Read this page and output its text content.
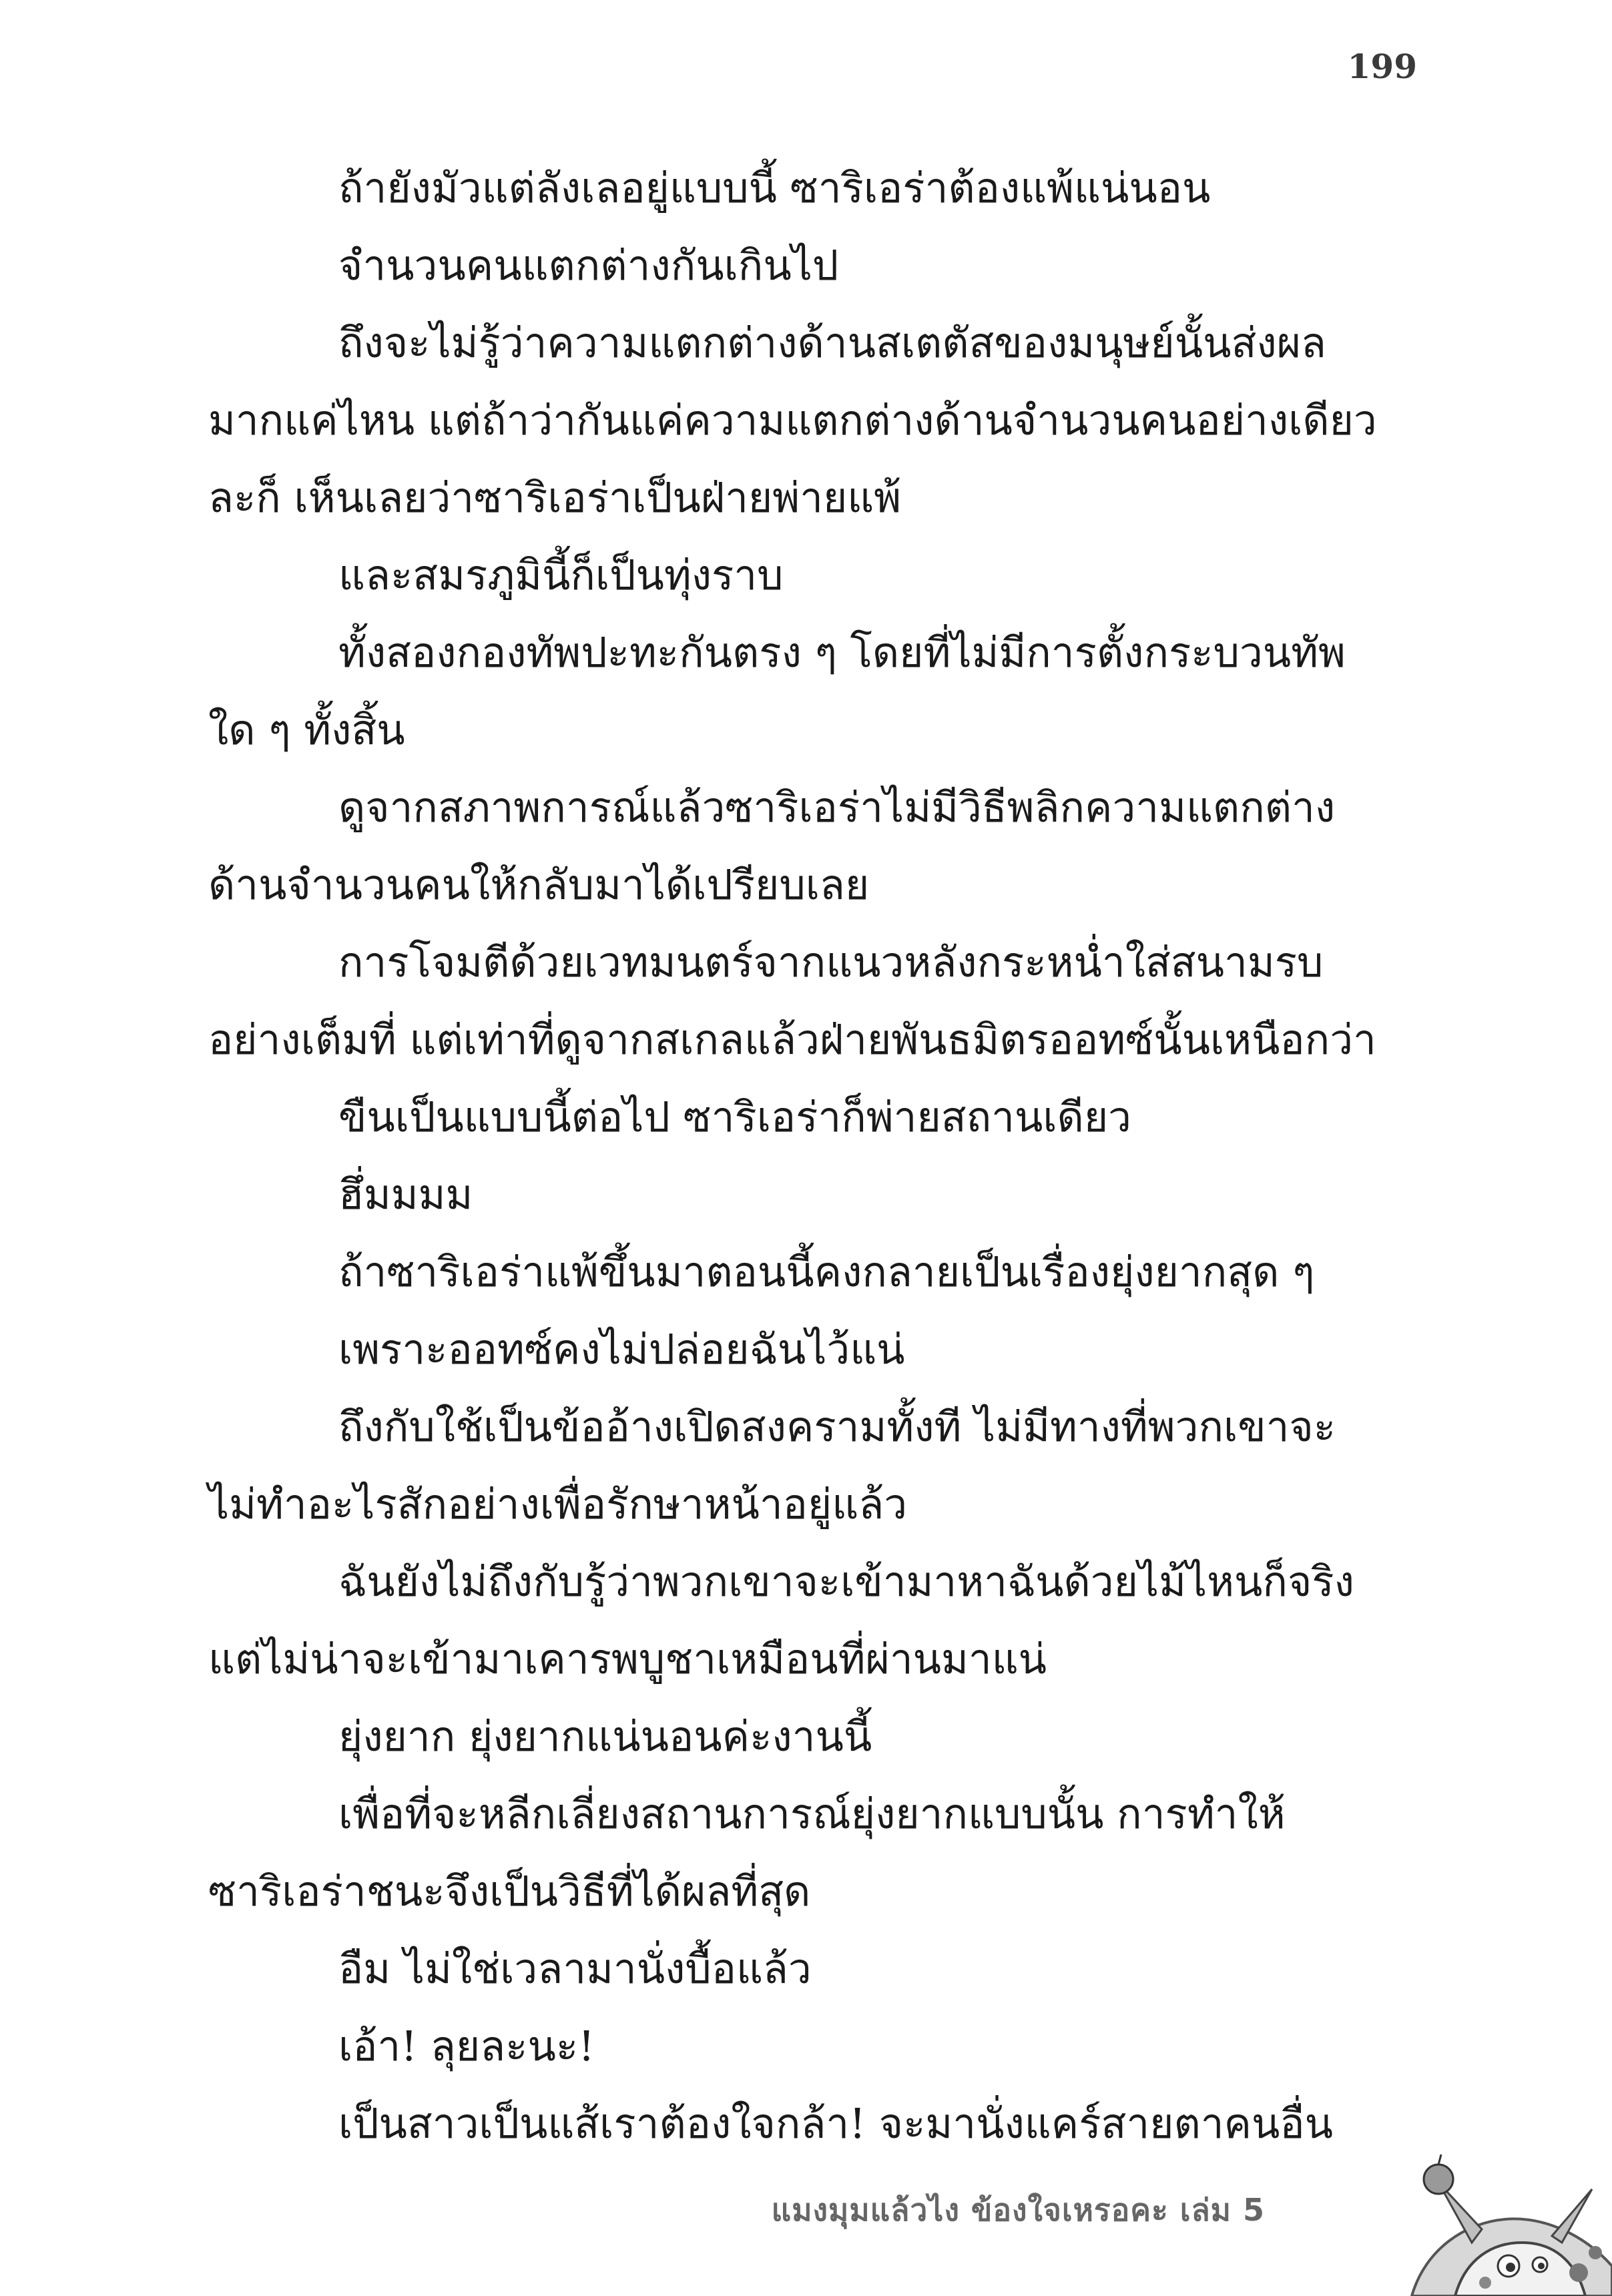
199

ถ้ายังมัวแต่ลังเลอยู่แบบนี้ ซาริเอร่าต้องแพ้แน่นอน

จำนวนคนแตกต่างกันเกินไป

ถึงจะไม่รู้ว่าความแตกต่างด้านสเตตัสของมนุษย์นั้นส่งผล

มากแค่ไหน แต่ถ้าว่ากันแค่ความแตกต่างด้านจำนวนคนอย่างเดียว

ละก็ เห็นเลยว่าซาริเอร่าเป็นฝ่ายพ่ายแพ้

และสมรภูมินี้ก็เป็นทุ่งราบ

ทั้งสองกองทัพปะทะกันตรง ๆ โดยที่ไม่มีการตั้งกระบวนทัพ

ใด ๆ ทั้งสิ้น

ดูจากสภาพการณ์แล้วซาริเอร่าไม่มีวิธีพลิกความแตกต่าง

ด้านจำนวนคนให้กลับมาได้เปรียบเลย

การโจมตีด้วยเวทมนตร์จากแนวหลังกระหน่ำใส่สนามรบ

อย่างเต็มที่ แต่เท่าที่ดูจากสเกลแล้วฝ่ายพันธมิตรออทซ์นั้นเหนือกว่า

ขืนเป็นแบบนี้ต่อไป ซาริเอร่าก็พ่ายสถานเดียว

ฮึ่มมมม

ถ้าซาริเอร่าแพ้ขึ้นมาตอนนี้คงกลายเป็นเรื่องยุ่งยากสุด ๆ

เพราะออทซ์คงไม่ปล่อยฉันไว้แน่

ถึงกับใช้เป็นข้ออ้างเปิดสงครามทั้งที ไม่มีทางที่พวกเขาจะ

ไม่ทำอะไรสักอย่างเพื่อรักษาหน้าอยู่แล้ว

ฉันยังไม่ถึงกับรู้ว่าพวกเขาจะเข้ามาหาฉันด้วยไม้ไหนก็จริง

แต่ไม่น่าจะเข้ามาเคารพบูชาเหมือนที่ผ่านมาแน่

ยุ่งยาก ยุ่งยากแน่นอนค่ะงานนี้

เพื่อที่จะหลีกเลี่ยงสถานการณ์ยุ่งยากแบบนั้น การทำให้

ซาริเอร่าชนะจึงเป็นวิธีที่ได้ผลที่สุด

อืม ไม่ใช่เวลามานั่งบื้อแล้ว

เอ้า! ลุยละนะ!

เป็นสาวเป็นแส้เราต้องใจกล้า! จะมานั่งแคร์สายตาคนอื่น

แมงมุมแล้วไง ข้องใจเหรอคะ เล่ม 5
